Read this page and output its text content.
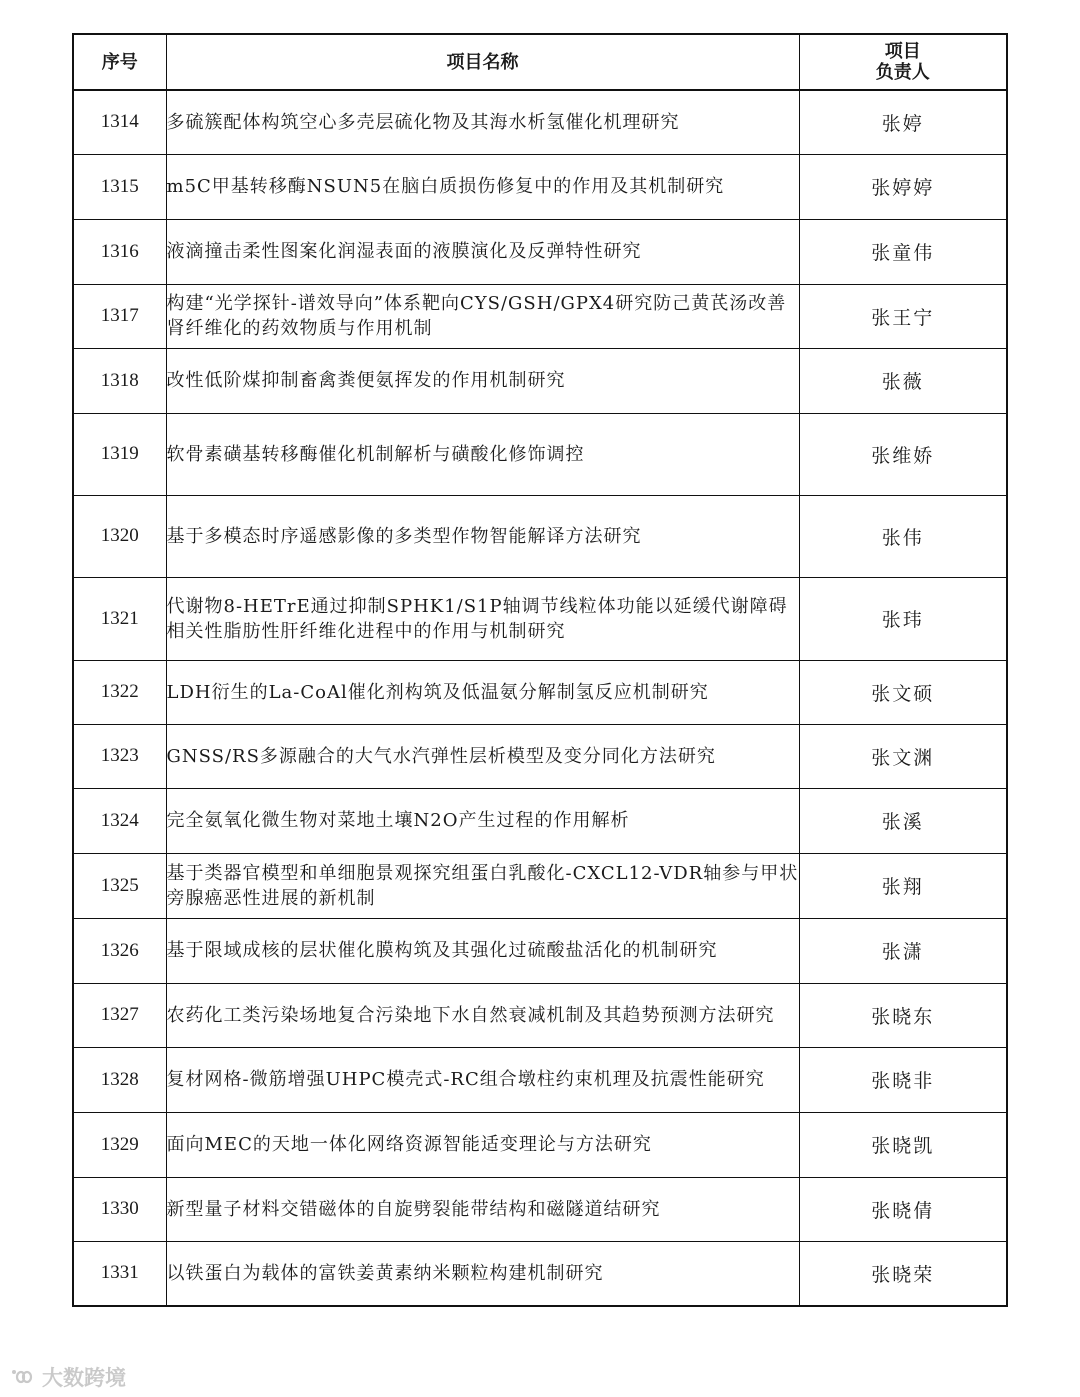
序号	项目名称	项目
负责人

1314	多硫簇配体构筑空心多壳层硫化物及其海水析氢催化机理研究	张婷
1315	m5C甲基转移酶NSUN5在脑白质损伤修复中的作用及其机制研究	张婷婷
1316	液滴撞击柔性图案化润湿表面的液膜演化及反弹特性研究	张童伟
1317	构建“光学探针-谱效导向”体系靶向CYS/GSH/GPX4研究防己黄芪汤改善肾纤维化的药效物质与作用机制	张王宁
1318	改性低阶煤抑制畜禽粪便氨挥发的作用机制研究	张薇
1319	软骨素磺基转移酶催化机制解析与磺酸化修饰调控	张维娇
1320	基于多模态时序遥感影像的多类型作物智能解译方法研究	张伟
1321	代谢物8-HETrE通过抑制SPHK1/S1P轴调节线粒体功能以延缓代谢障碍相关性脂肪性肝纤维化进程中的作用与机制研究	张玮
1322	LDH衍生的La-CoAl催化剂构筑及低温氨分解制氢反应机制研究	张文硕
1323	GNSS/RS多源融合的大气水汽弹性层析模型及变分同化方法研究	张文渊
1324	完全氨氧化微生物对菜地土壤N2O产生过程的作用解析	张溪
1325	基于类器官模型和单细胞景观探究组蛋白乳酸化-CXCL12-VDR轴参与甲状旁腺癌恶性进展的新机制	张翔
1326	基于限域成核的层状催化膜构筑及其强化过硫酸盐活化的机制研究	张潇
1327	农药化工类污染场地复合污染地下水自然衰减机制及其趋势预测方法研究	张晓东
1328	复材网格-微筋增强UHPC模壳式-RC组合墩柱约束机理及抗震性能研究	张晓非
1329	面向MEC的天地一体化网络资源智能适变理论与方法研究	张晓凯
1330	新型量子材料交错磁体的自旋劈裂能带结构和磁隧道结研究	张晓倩
1331	以铁蛋白为载体的富铁姜黄素纳米颗粒构建机制研究	张晓荣
大数跨境
